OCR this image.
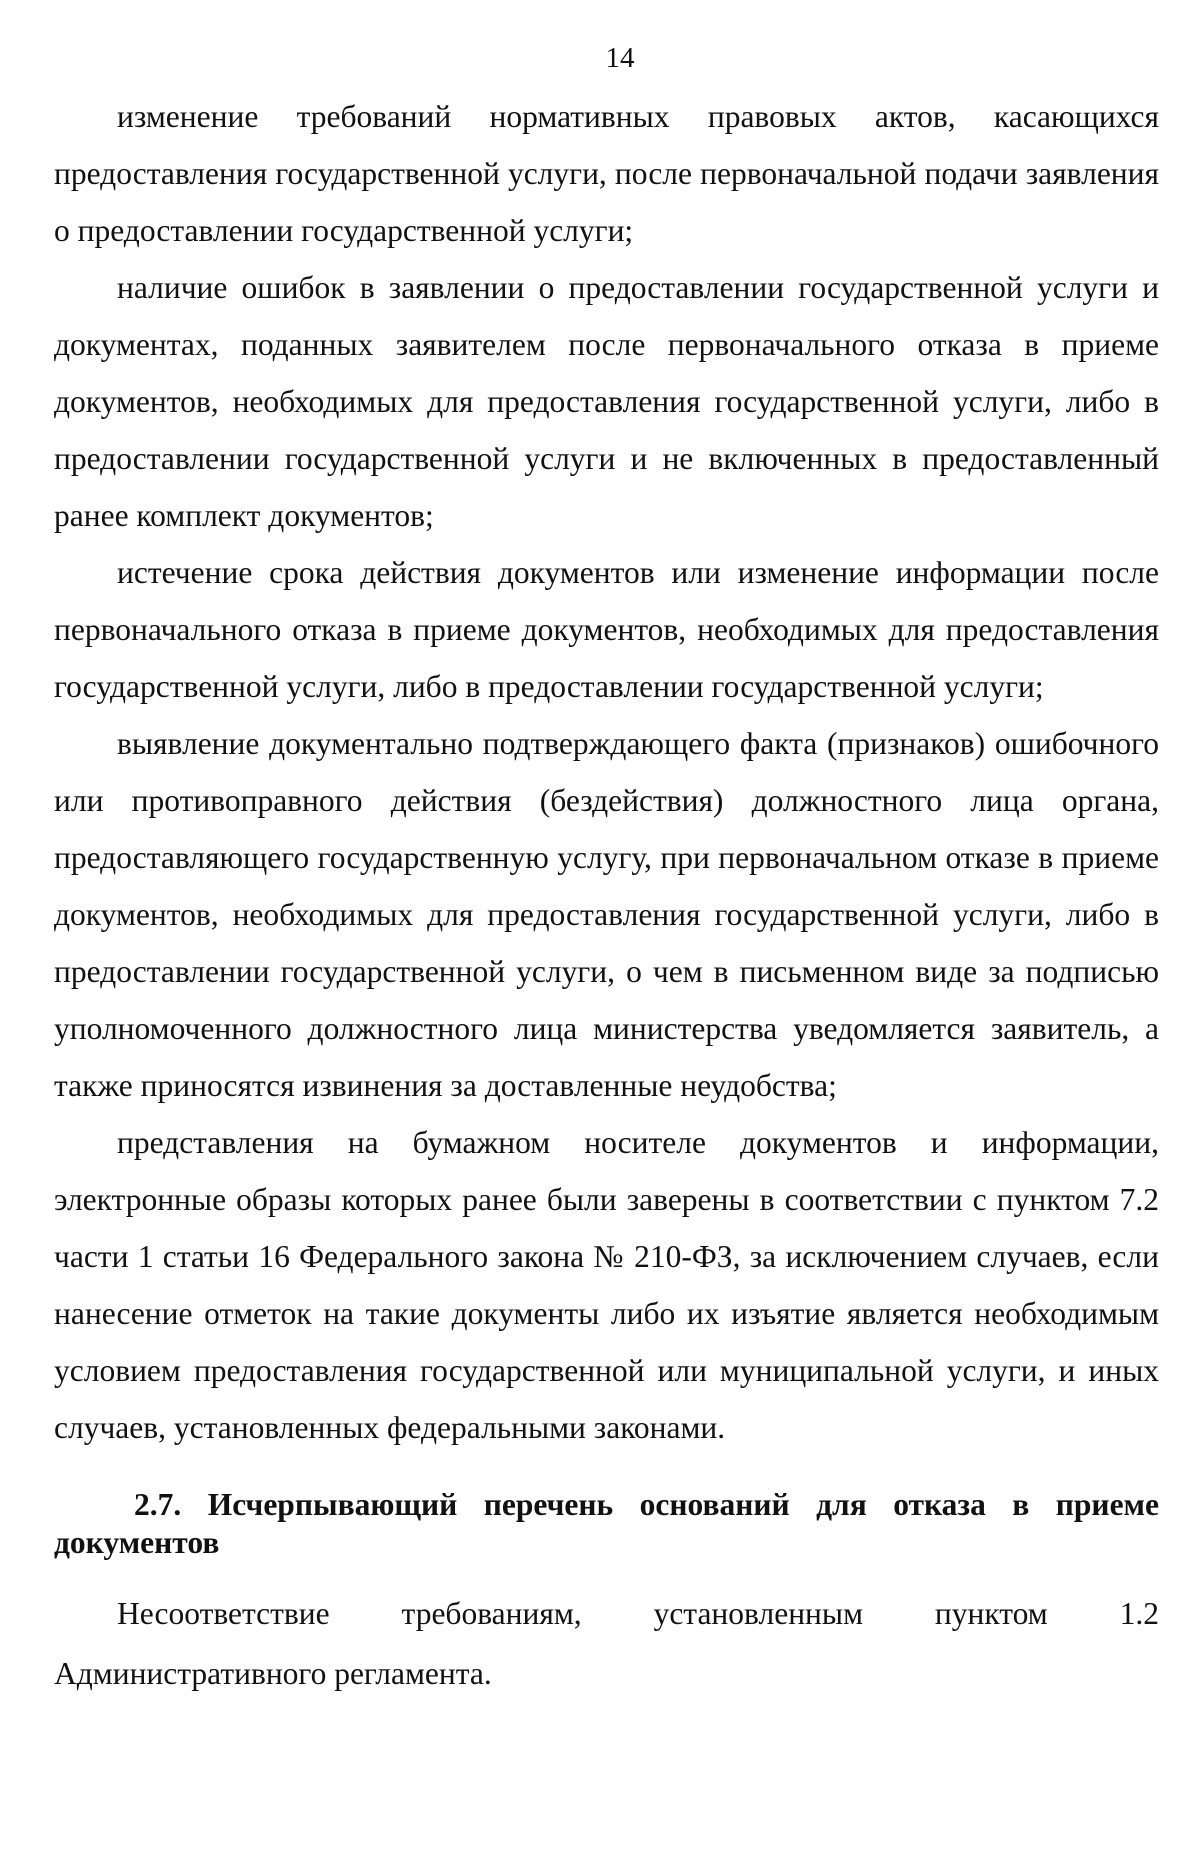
14

изменение требований нормативных правовых актов, касающихся предоставления государственной услуги, после первоначальной подачи заявления о предоставлении государственной услуги;

наличие ошибок в заявлении о предоставлении государственной услуги и документах, поданных заявителем после первоначального отказа в приеме документов, необходимых для предоставления государственной услуги, либо в предоставлении государственной услуги и не включенных в предоставленный ранее комплект документов;

истечение срока действия документов или изменение информации после первоначального отказа в приеме документов, необходимых для предоставления государственной услуги, либо в предоставлении государственной услуги;

выявление документально подтверждающего факта (признаков) ошибочного или противоправного действия (бездействия) должностного лица органа, предоставляющего государственную услугу, при первоначальном отказе в приеме документов, необходимых для предоставления государственной услуги, либо в предоставлении государственной услуги, о чем в письменном виде за подписью уполномоченного должностного лица министерства уведомляется заявитель, а также приносятся извинения за доставленные неудобства;

представления на бумажном носителе документов и информации, электронные образы которых ранее были заверены в соответствии с пунктом 7.2 части 1 статьи 16 Федерального закона № 210-ФЗ, за исключением случаев, если нанесение отметок на такие документы либо их изъятие является необходимым условием предоставления государственной или муниципальной услуги, и иных случаев, установленных федеральными законами.

2.7. Исчерпывающий перечень оснований для отказа в приеме документов

Несоответствие требованиям, установленным пунктом 1.2 Административного регламента.
